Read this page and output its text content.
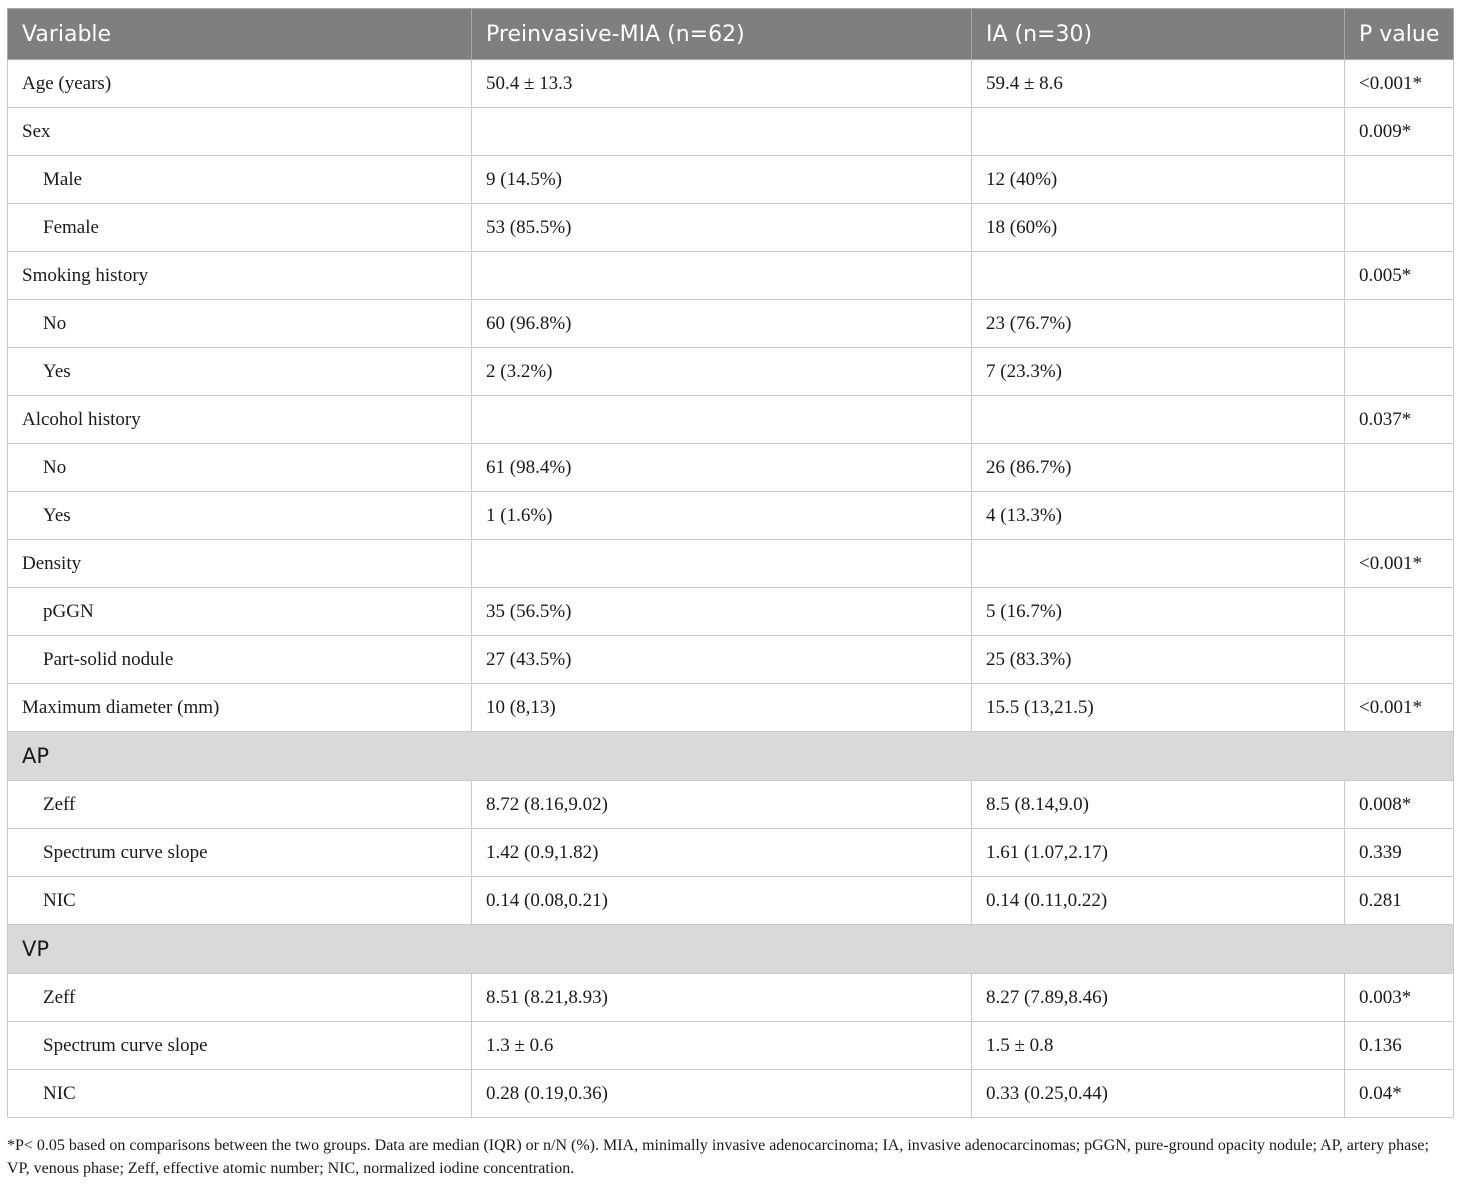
Variable	Preinvasive-MIA (n=62)	IA (n=30)	P value
Age (years)	50.4 ± 13.3	59.4 ± 8.6	<0.001*
Sex			0.009*
Male	9 (14.5%)	12 (40%)	
Female	53 (85.5%)	18 (60%)	
Smoking history			0.005*
No	60 (96.8%)	23 (76.7%)	
Yes	2 (3.2%)	7 (23.3%)	
Alcohol history			0.037*
No	61 (98.4%)	26 (86.7%)	
Yes	1 (1.6%)	4 (13.3%)	
Density			<0.001*
pGGN	35 (56.5%)	5 (16.7%)	
Part-solid nodule	27 (43.5%)	25 (83.3%)	
Maximum diameter (mm)	10 (8,13)	15.5 (13,21.5)	<0.001*
AP			
Zeff	8.72 (8.16,9.02)	8.5 (8.14,9.0)	0.008*
Spectrum curve slope	1.42 (0.9,1.82)	1.61 (1.07,2.17)	0.339
NIC	0.14 (0.08,0.21)	0.14 (0.11,0.22)	0.281
VP			
Zeff	8.51 (8.21,8.93)	8.27 (7.89,8.46)	0.003*
Spectrum curve slope	1.3 ± 0.6	1.5 ± 0.8	0.136
NIC	0.28 (0.19,0.36)	0.33 (0.25,0.44)	0.04*
*P< 0.05 based on comparisons between the two groups. Data are median (IQR) or n/N (%). MIA, minimally invasive adenocarcinoma; IA, invasive adenocarcinomas; pGGN, pure-ground opacity nodule; AP, artery phase; VP, venous phase; Zeff, effective atomic number; NIC, normalized iodine concentration.
